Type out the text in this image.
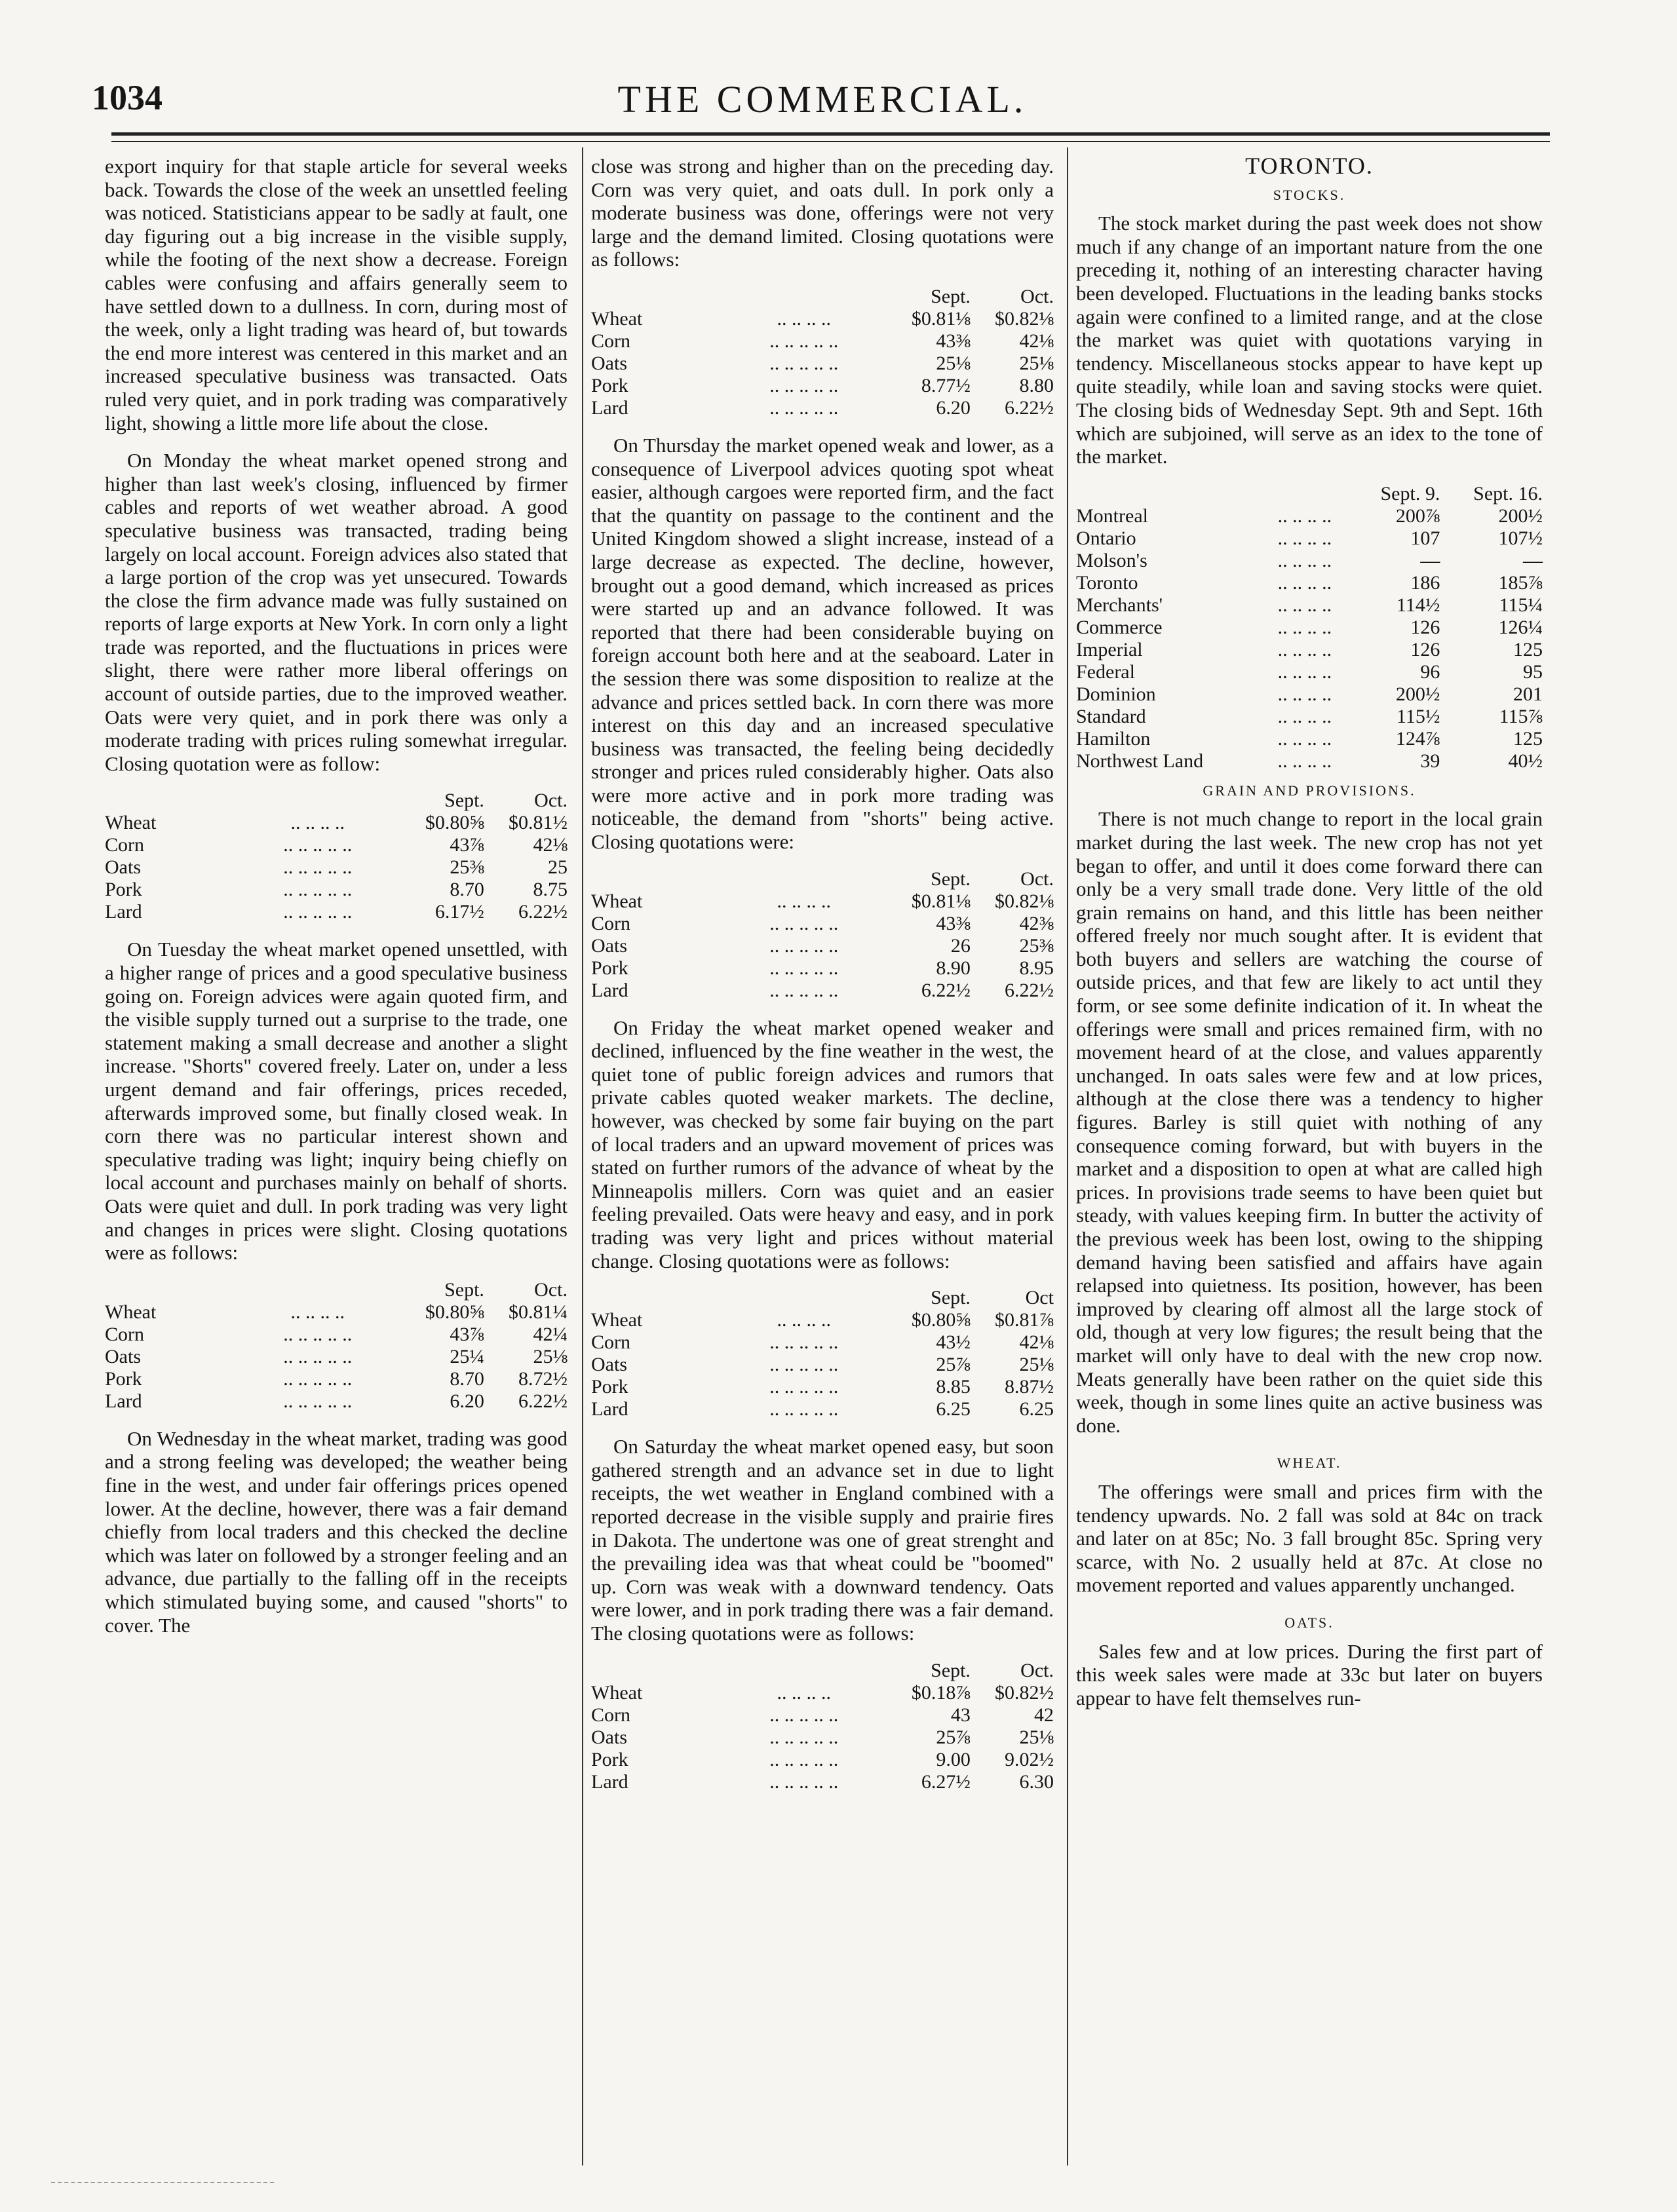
1034	THE COMMERCIAL.

export inquiry for that staple article for several weeks back. Towards the close of the week an unsettled feeling was noticed. Statisticians appear to be sadly at fault, one day figuring out a big increase in the visible supply, while the footing of the next show a decrease. Foreign cables were confusing and affairs generally seem to have settled down to a dullness. In corn, during most of the week, only a light trading was heard of, but towards the end more interest was centered in this market and an increased speculative business was transacted. Oats ruled very quiet, and in pork trading was comparatively light, showing a little more life about the close.

On Monday the wheat market opened strong and higher than last week's closing, influenced by firmer cables and reports of wet weather abroad. A good speculative business was transacted, trading being largely on local account. Foreign advices also stated that a large portion of the crop was yet unsecured. Towards the close the firm advance made was fully sustained on reports of large exports at New York. In corn only a light trade was reported, and the fluctuations in prices were slight, there were rather more liberal offerings on account of outside parties, due to the improved weather. Oats were very quiet, and in pork there was only a moderate trading with prices ruling somewhat irregular. Closing quotation were as follow:

		Sept.	Oct.
Wheat	.. .. .. ..	$0.80⅝	$0.81½
Corn	.. .. .. .. ..	43⅞	42⅛
Oats	.. .. .. .. ..	25⅜	25
Pork	.. .. .. .. ..	8.70	8.75
Lard	.. .. .. .. ..	6.17½	6.22½

On Tuesday the wheat market opened unsettled, with a higher range of prices and a good speculative business going on. Foreign advices were again quoted firm, and the visible supply turned out a surprise to the trade, one statement making a small decrease and another a slight increase. "Shorts" covered freely. Later on, under a less urgent demand and fair offerings, prices receded, afterwards improved some, but finally closed weak. In corn there was no particular interest shown and speculative trading was light; inquiry being chiefly on local account and purchases mainly on behalf of shorts. Oats were quiet and dull. In pork trading was very light and changes in prices were slight. Closing quotations were as follows:

		Sept.	Oct.
Wheat	.. .. .. ..	$0.80⅝	$0.81¼
Corn	.. .. .. .. ..	43⅞	42¼
Oats	.. .. .. .. ..	25¼	25⅛
Pork	.. .. .. .. ..	8.70	8.72½
Lard	.. .. .. .. ..	6.20	6.22½

On Wednesday in the wheat market, trading was good and a strong feeling was developed; the weather being fine in the west, and under fair offerings prices opened lower. At the decline, however, there was a fair demand chiefly from local traders and this checked the decline which was later on followed by a stronger feeling and an advance, due partially to the falling off in the receipts which stimulated buying some, and caused "shorts" to cover. The

close was strong and higher than on the preceding day. Corn was very quiet, and oats dull. In pork only a moderate business was done, offerings were not very large and the demand limited. Closing quotations were as follows:

		Sept.	Oct.
Wheat	.. .. .. ..	$0.81⅛	$0.82⅛
Corn	.. .. .. .. ..	43⅜	42⅛
Oats	.. .. .. .. ..	25⅛	25⅛
Pork	.. .. .. .. ..	8.77½	8.80
Lard	.. .. .. .. ..	6.20	6.22½

On Thursday the market opened weak and lower, as a consequence of Liverpool advices quoting spot wheat easier, although cargoes were reported firm, and the fact that the quantity on passage to the continent and the United Kingdom showed a slight increase, instead of a large decrease as expected. The decline, however, brought out a good demand, which increased as prices were started up and an advance followed. It was reported that there had been considerable buying on foreign account both here and at the seaboard. Later in the session there was some disposition to realize at the advance and prices settled back. In corn there was more interest on this day and an increased speculative business was transacted, the feeling being decidedly stronger and prices ruled considerably higher. Oats also were more active and in pork more trading was noticeable, the demand from "shorts" being active. Closing quotations were:

		Sept.	Oct.
Wheat	.. .. .. ..	$0.81⅛	$0.82⅛
Corn	.. .. .. .. ..	43⅜	42⅜
Oats	.. .. .. .. ..	26	25⅜
Pork	.. .. .. .. ..	8.90	8.95
Lard	.. .. .. .. ..	6.22½	6.22½

On Friday the wheat market opened weaker and declined, influenced by the fine weather in the west, the quiet tone of public foreign advices and rumors that private cables quoted weaker markets. The decline, however, was checked by some fair buying on the part of local traders and an upward movement of prices was stated on further rumors of the advance of wheat by the Minneapolis millers. Corn was quiet and an easier feeling prevailed. Oats were heavy and easy, and in pork trading was very light and prices without material change. Closing quotations were as follows:

		Sept.	Oct
Wheat	.. .. .. ..	$0.80⅝	$0.81⅞
Corn	.. .. .. .. ..	43½	42⅛
Oats	.. .. .. .. ..	25⅞	25⅛
Pork	.. .. .. .. ..	8.85	8.87½
Lard	.. .. .. .. ..	6.25	6.25

On Saturday the wheat market opened easy, but soon gathered strength and an advance set in due to light receipts, the wet weather in England combined with a reported decrease in the visible supply and prairie fires in Dakota. The undertone was one of great strenght and the prevailing idea was that wheat could be "boomed" up. Corn was weak with a downward tendency. Oats were lower, and in pork trading there was a fair demand. The closing quotations were as follows:

		Sept.	Oct.
Wheat	.. .. .. ..	$0.18⅞	$0.82½
Corn	.. .. .. .. ..	43	42
Oats	.. .. .. .. ..	25⅞	25⅛
Pork	.. .. .. .. ..	9.00	9.02½
Lard	.. .. .. .. ..	6.27½	6.30
TORONTO.
STOCKS.

The stock market during the past week does not show much if any change of an important nature from the one preceding it, nothing of an interesting character having been developed. Fluctuations in the leading banks stocks again were confined to a limited range, and at the close the market was quiet with quotations varying in tendency. Miscellaneous stocks appear to have kept up quite steadily, while loan and saving stocks were quiet. The closing bids of Wednesday Sept. 9th and Sept. 16th which are subjoined, will serve as an idex to the tone of the market.

		Sept. 9.	Sept. 16.
Montreal	.. .. .. ..	200⅞	200½
Ontario	.. .. .. ..	107	107½
Molson's	.. .. .. ..	—	—
Toronto	.. .. .. ..	186	185⅞
Merchants'	.. .. .. ..	114½	115¼
Commerce	.. .. .. ..	126	126¼
Imperial	.. .. .. ..	126	125
Federal	.. .. .. ..	96	95
Dominion	.. .. .. ..	200½	201
Standard	.. .. .. ..	115½	115⅞
Hamilton	.. .. .. ..	124⅞	125
Northwest Land	.. .. .. ..	39	40½
GRAIN AND PROVISIONS.

There is not much change to report in the local grain market during the last week. The new crop has not yet began to offer, and until it does come forward there can only be a very small trade done. Very little of the old grain remains on hand, and this little has been neither offered freely nor much sought after. It is evident that both buyers and sellers are watching the course of outside prices, and that few are likely to act until they form, or see some definite indication of it. In wheat the offerings were small and prices remained firm, with no movement heard of at the close, and values apparently unchanged. In oats sales were few and at low prices, although at the close there was a tendency to higher figures. Barley is still quiet with nothing of any consequence coming forward, but with buyers in the market and a disposition to open at what are called high prices. In provisions trade seems to have been quiet but steady, with values keeping firm. In butter the activity of the previous week has been lost, owing to the shipping demand having been satisfied and affairs have again relapsed into quietness. Its position, however, has been improved by clearing off almost all the large stock of old, though at very low figures; the result being that the market will only have to deal with the new crop now. Meats generally have been rather on the quiet side this week, though in some lines quite an active business was done.

WHEAT.

The offerings were small and prices firm with the tendency upwards. No. 2 fall was sold at 84c on track and later on at 85c; No. 3 fall brought 85c. Spring very scarce, with No. 2 usually held at 87c. At close no movement reported and values apparently unchanged.

OATS.

Sales few and at low prices. During the first part of this week sales were made at 33c but later on buyers appear to have felt themselves run-
